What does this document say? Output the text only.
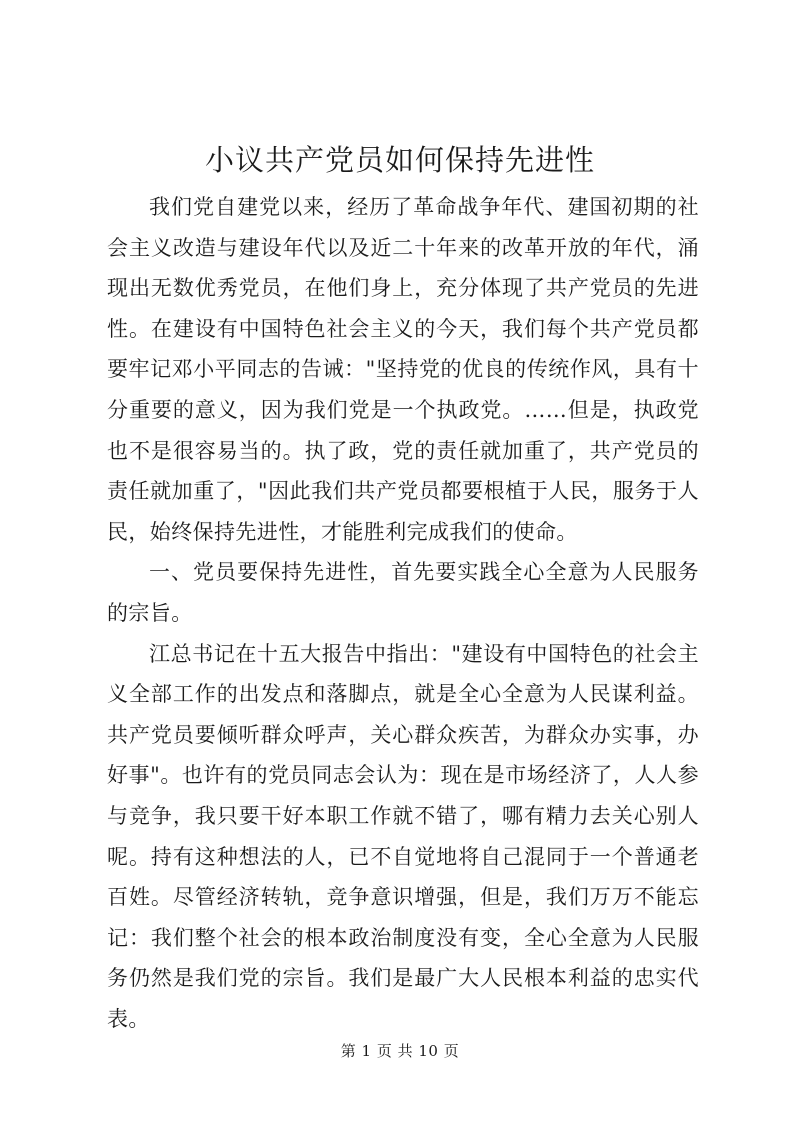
小议共产党员如何保持先进性

我们党自建党以来，经历了革命战争年代、建国初期的社会主义改造与建设年代以及近二十年来的改革开放的年代，涌现出无数优秀党员，在他们身上，充分体现了共产党员的先进性。在建设有中国特色社会主义的今天，我们每个共产党员都要牢记邓小平同志的告诫："坚持党的优良的传统作风，具有十分重要的意义，因为我们党是一个执政党。……但是，执政党也不是很容易当的。执了政，党的责任就加重了，共产党员的责任就加重了，"因此我们共产党员都要根植于人民，服务于人民，始终保持先进性，才能胜利完成我们的使命。

一、党员要保持先进性，首先要实践全心全意为人民服务的宗旨。

江总书记在十五大报告中指出："建设有中国特色的社会主义全部工作的出发点和落脚点，就是全心全意为人民谋利益。共产党员要倾听群众呼声，关心群众疾苦，为群众办实事，办好事"。也许有的党员同志会认为：现在是市场经济了，人人参与竞争，我只要干好本职工作就不错了，哪有精力去关心别人呢。持有这种想法的人，已不自觉地将自己混同于一个普通老百姓。尽管经济转轨，竞争意识增强，但是，我们万万不能忘记：我们整个社会的根本政治制度没有变，全心全意为人民服务仍然是我们党的宗旨。我们是最广大人民根本利益的忠实代表。

第 1 页 共 10 页
